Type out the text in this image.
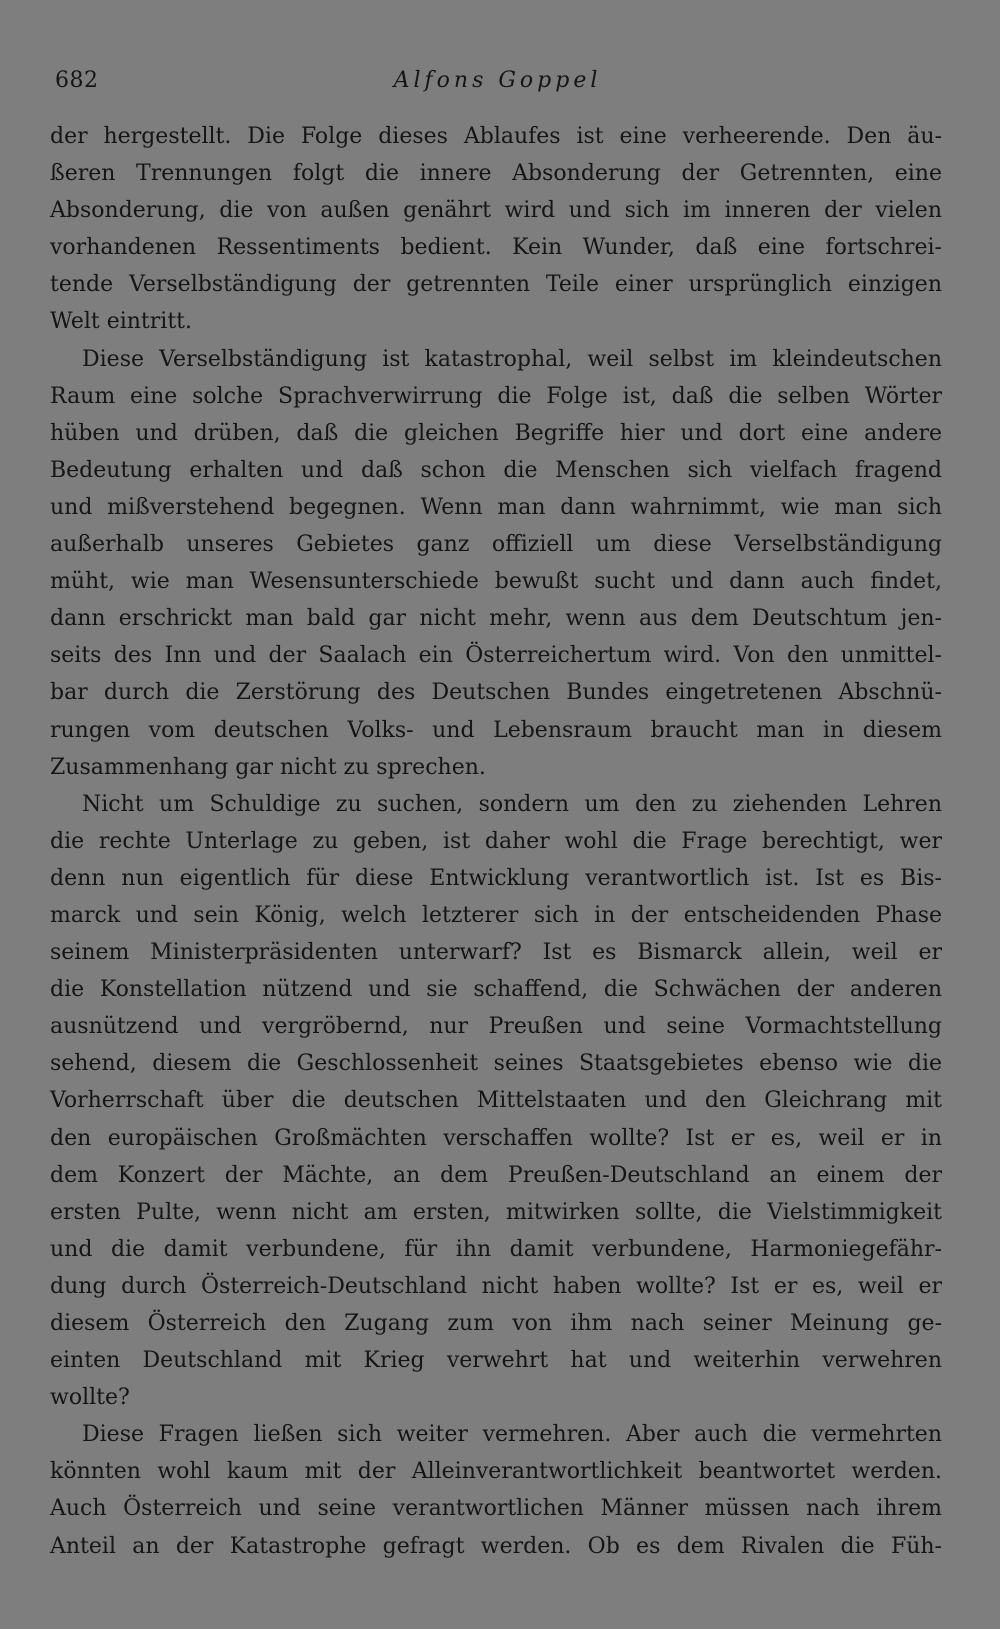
682	Alfons Goppel
der hergestellt. Die Folge dieses Ablaufes ist eine verheerende. Den äu-
ßeren Trennungen folgt die innere Absonderung der Getrennten, eine
Absonderung, die von außen genährt wird und sich im inneren der vielen
vorhandenen Ressentiments bedient. Kein Wunder, daß eine fortschrei-
tende Verselbständigung der getrennten Teile einer ursprünglich einzigen
Welt eintritt.
Diese Verselbständigung ist katastrophal, weil selbst im kleindeutschen
Raum eine solche Sprachverwirrung die Folge ist, daß die selben Wörter
hüben und drüben, daß die gleichen Begriffe hier und dort eine andere
Bedeutung erhalten und daß schon die Menschen sich vielfach fragend
und mißverstehend begegnen. Wenn man dann wahrnimmt, wie man sich
außerhalb unseres Gebietes ganz offiziell um diese Verselbständigung
müht, wie man Wesensunterschiede bewußt sucht und dann auch findet,
dann erschrickt man bald gar nicht mehr, wenn aus dem Deutschtum jen-
seits des Inn und der Saalach ein Österreichertum wird. Von den unmittel-
bar durch die Zerstörung des Deutschen Bundes eingetretenen Abschnü-
rungen vom deutschen Volks- und Lebensraum braucht man in diesem
Zusammenhang gar nicht zu sprechen.
Nicht um Schuldige zu suchen, sondern um den zu ziehenden Lehren
die rechte Unterlage zu geben, ist daher wohl die Frage berechtigt, wer
denn nun eigentlich für diese Entwicklung verantwortlich ist. Ist es Bis-
marck und sein König, welch letzterer sich in der entscheidenden Phase
seinem Ministerpräsidenten unterwarf? Ist es Bismarck allein, weil er
die Konstellation nützend und sie schaffend, die Schwächen der anderen
ausnützend und vergröbernd, nur Preußen und seine Vormachtstellung
sehend, diesem die Geschlossenheit seines Staatsgebietes ebenso wie die
Vorherrschaft über die deutschen Mittelstaaten und den Gleichrang mit
den europäischen Großmächten verschaffen wollte? Ist er es, weil er in
dem Konzert der Mächte, an dem Preußen-Deutschland an einem der
ersten Pulte, wenn nicht am ersten, mitwirken sollte, die Vielstimmigkeit
und die damit verbundene, für ihn damit verbundene, Harmoniegefähr-
dung durch Österreich-Deutschland nicht haben wollte? Ist er es, weil er
diesem Österreich den Zugang zum von ihm nach seiner Meinung ge-
einten Deutschland mit Krieg verwehrt hat und weiterhin verwehren
wollte?
Diese Fragen ließen sich weiter vermehren. Aber auch die vermehrten
könnten wohl kaum mit der Alleinverantwortlichkeit beantwortet werden.
Auch Österreich und seine verantwortlichen Männer müssen nach ihrem
Anteil an der Katastrophe gefragt werden. Ob es dem Rivalen die Füh-
